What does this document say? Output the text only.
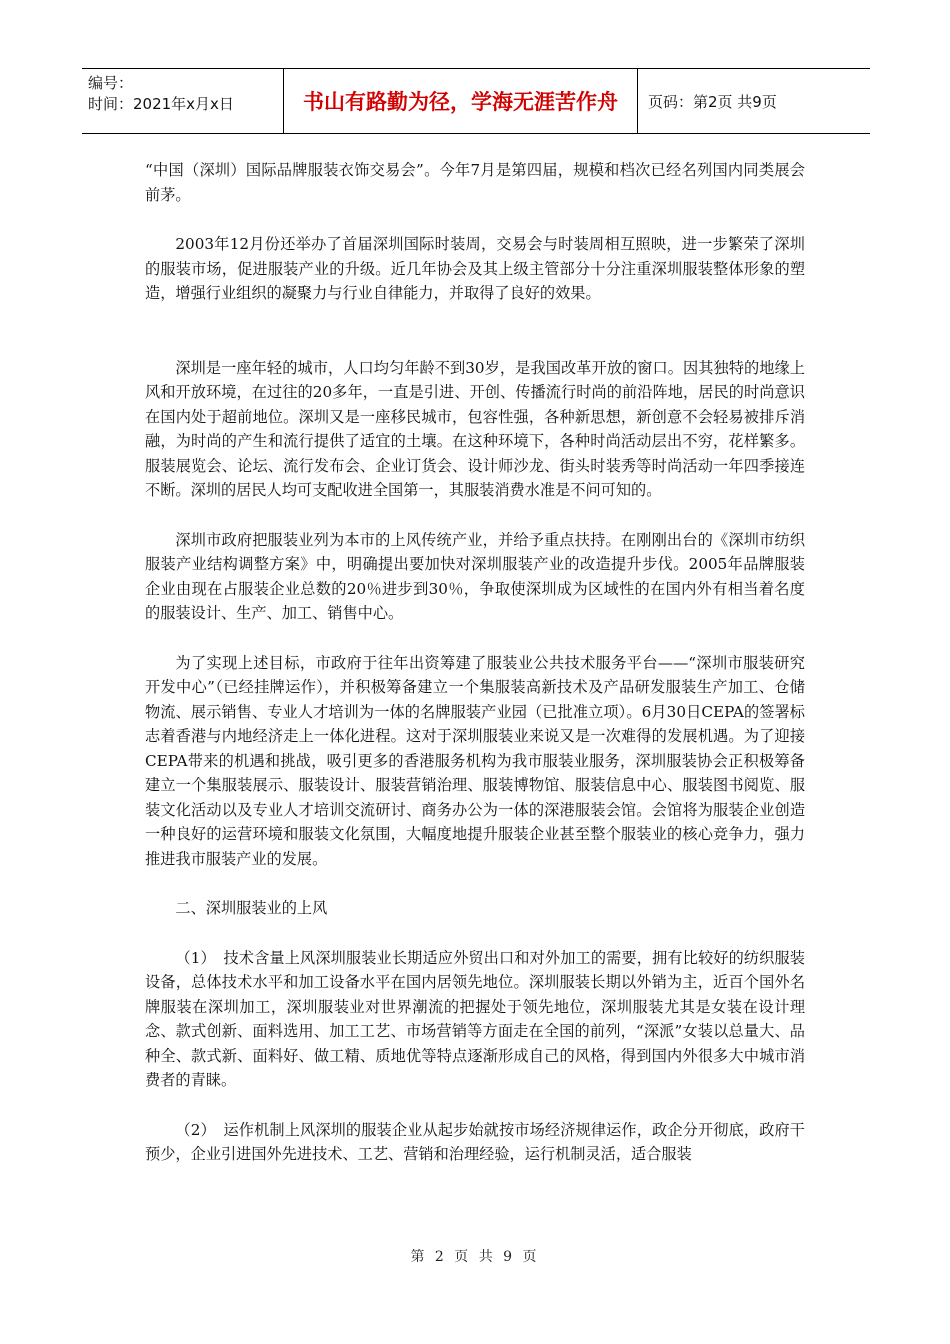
编号：
时间：2021年x月x日	书山有路勤为径，学海无涯苦作舟	页码：第2页 共9页

“中国（深圳）国际品牌服装衣饰交易会”。今年7月是第四届，规模和档次已经名列国内同类展会前茅。

2003年12月份还举办了首届深圳国际时装周，交易会与时装周相互照映，进一步繁荣了深圳的服装市场，促进服装产业的升级。近几年协会及其上级主管部分十分注重深圳服装整体形象的塑造，增强行业组织的凝聚力与行业自律能力，并取得了良好的效果。

深圳是一座年轻的城市，人口均匀年龄不到30岁，是我国改革开放的窗口。因其独特的地缘上风和开放环境，在过往的20多年，一直是引进、开创、传播流行时尚的前沿阵地，居民的时尚意识在国内处于超前地位。深圳又是一座移民城市，包容性强，各种新思想，新创意不会轻易被排斥消融，为时尚的产生和流行提供了适宜的土壤。在这种环境下，各种时尚活动层出不穷，花样繁多。服装展览会、论坛、流行发布会、企业订货会、设计师沙龙、街头时装秀等时尚活动一年四季接连不断。深圳的居民人均可支配收进全国第一，其服装消费水准是不问可知的。

深圳市政府把服装业列为本市的上风传统产业，并给予重点扶持。在刚刚出台的《深圳市纺织服装产业结构调整方案》中，明确提出要加快对深圳服装产业的改造提升步伐。2005年品牌服装企业由现在占服装企业总数的20％进步到30％，争取使深圳成为区域性的在国内外有相当着名度的服装设计、生产、加工、销售中心。

为了实现上述目标，市政府于往年出资筹建了服装业公共技术服务平台——“深圳市服装研究开发中心”（已经挂牌运作），并积极筹备建立一个集服装高新技术及产品研发服装生产加工、仓储物流、展示销售、专业人才培训为一体的名牌服装产业园（已批准立项）。6月30日CEPA的签署标志着香港与内地经济走上一体化进程。这对于深圳服装业来说又是一次难得的发展机遇。为了迎接CEPA带来的机遇和挑战，吸引更多的香港服务机构为我市服装业服务，深圳服装协会正积极筹备建立一个集服装展示、服装设计、服装营销治理、服装博物馆、服装信息中心、服装图书阅览、服装文化活动以及专业人才培训交流研讨、商务办公为一体的深港服装会馆。会馆将为服装企业创造一种良好的运营环境和服装文化氛围，大幅度地提升服装企业甚至整个服装业的核心竞争力，强力推进我市服装产业的发展。

二、深圳服装业的上风

（1）　技术含量上风深圳服装业长期适应外贸出口和对外加工的需要，拥有比较好的纺织服装设备，总体技术水平和加工设备水平在国内居领先地位。深圳服装长期以外销为主，近百个国外名牌服装在深圳加工，深圳服装业对世界潮流的把握处于领先地位，深圳服装尤其是女装在设计理念、款式创新、面料选用、加工工艺、市场营销等方面走在全国的前列，“深派”女装以总量大、品种全、款式新、面料好、做工精、质地优等特点逐渐形成自己的风格，得到国内外很多大中城市消费者的青睐。

（2）　运作机制上风深圳的服装企业从起步始就按市场经济规律运作，政企分开彻底，政府干预少，企业引进国外先进技术、工艺、营销和治理经验，运行机制灵活，适合服装

第 2 页 共 9 页
